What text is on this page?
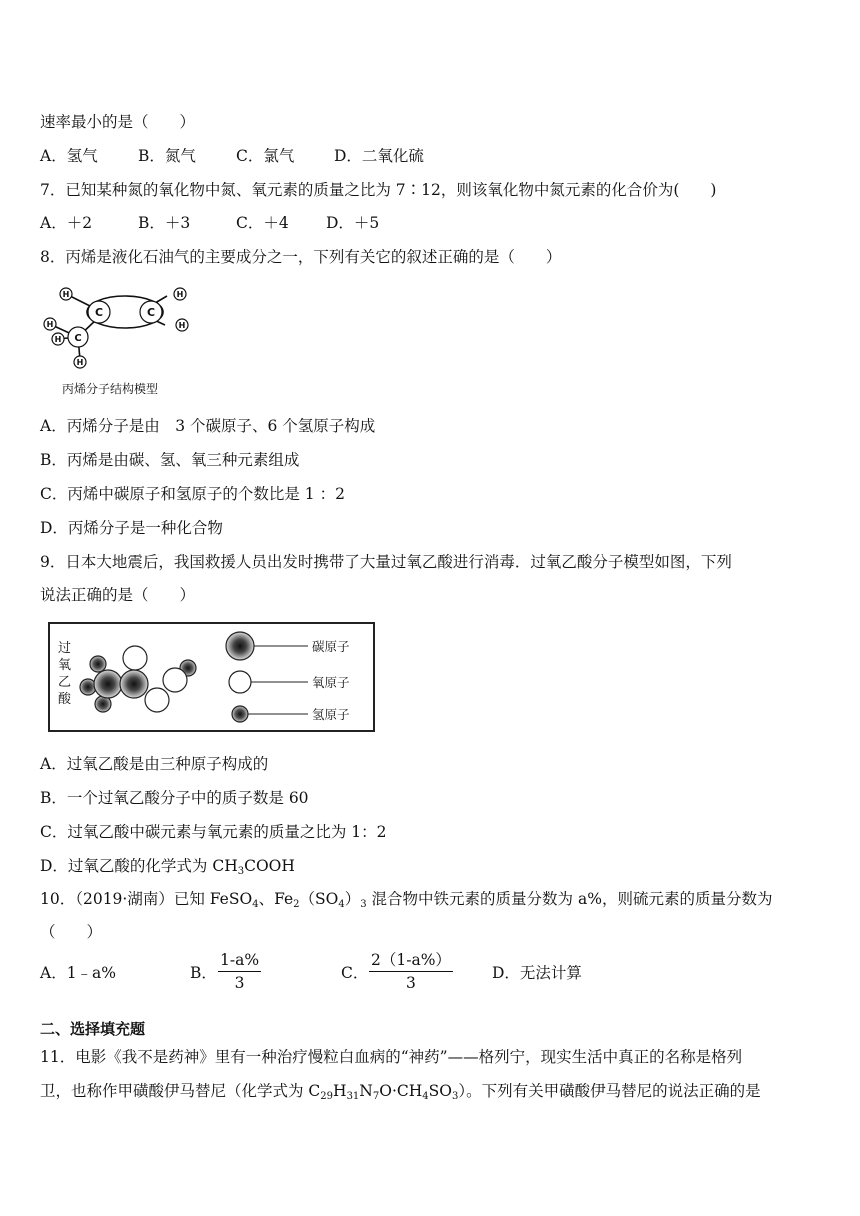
速率最小的是（　　）
A．氢气	B．氮气	C．氯气	D．二氧化硫
7．已知某种氮的氧化物中氮、氧元素的质量之比为 7∶12，则该氧化物中氮元素的化合价为(　　)
A．＋2	B．＋3	C．＋4 D．＋5
8．丙烯是液化石油气的主要成分之一，下列有关它的叙述正确的是（　　）
C	C
C
H	H
H
H
H
H
丙烯分子结构模型
A．丙烯分子是由　3 个碳原子、6 个氢原子构成
B．丙烯是由碳、氢、氧三种元素组成
C．丙烯中碳原子和氢原子的个数比是 1 ：2
D．丙烯分子是一种化合物
9．日本大地震后，我国救援人员出发时携带了大量过氧乙酸进行消毒．过氧乙酸分子模型如图，下列
说法正确的是（　　）
过
氧
乙
酸
碳原子
氧原子
氢原子
A．过氧乙酸是由三种原子构成的
B．一个过氧乙酸分子中的质子数是 60
C．过氧乙酸中碳元素与氧元素的质量之比为 1：2
D．过氧乙酸的化学式为 $CH_3COOH$
10．（2019·湖南）已知 FeSO$_4$、$Fe_2(SO_4)_3$ 混合物中铁元素的质量分数为 a%，则硫元素的质量分数为
（　　）
A．1﹣a%	B． $\frac{1-a\%}{3}$	C． $\frac{2(1-a\%)}{3}$	D．无法计算
二、选择填充题
11．电影《我不是药神》里有一种治疗慢粒白血病的“神药”——格列宁，现实生活中真正的名称是格列
卫，也称作甲磺酸伊马替尼（化学式为 $C_{29}H_{31}N_7O\cdot CH_4SO_3$）。下列有关甲磺酸伊马替尼的说法正确的是
